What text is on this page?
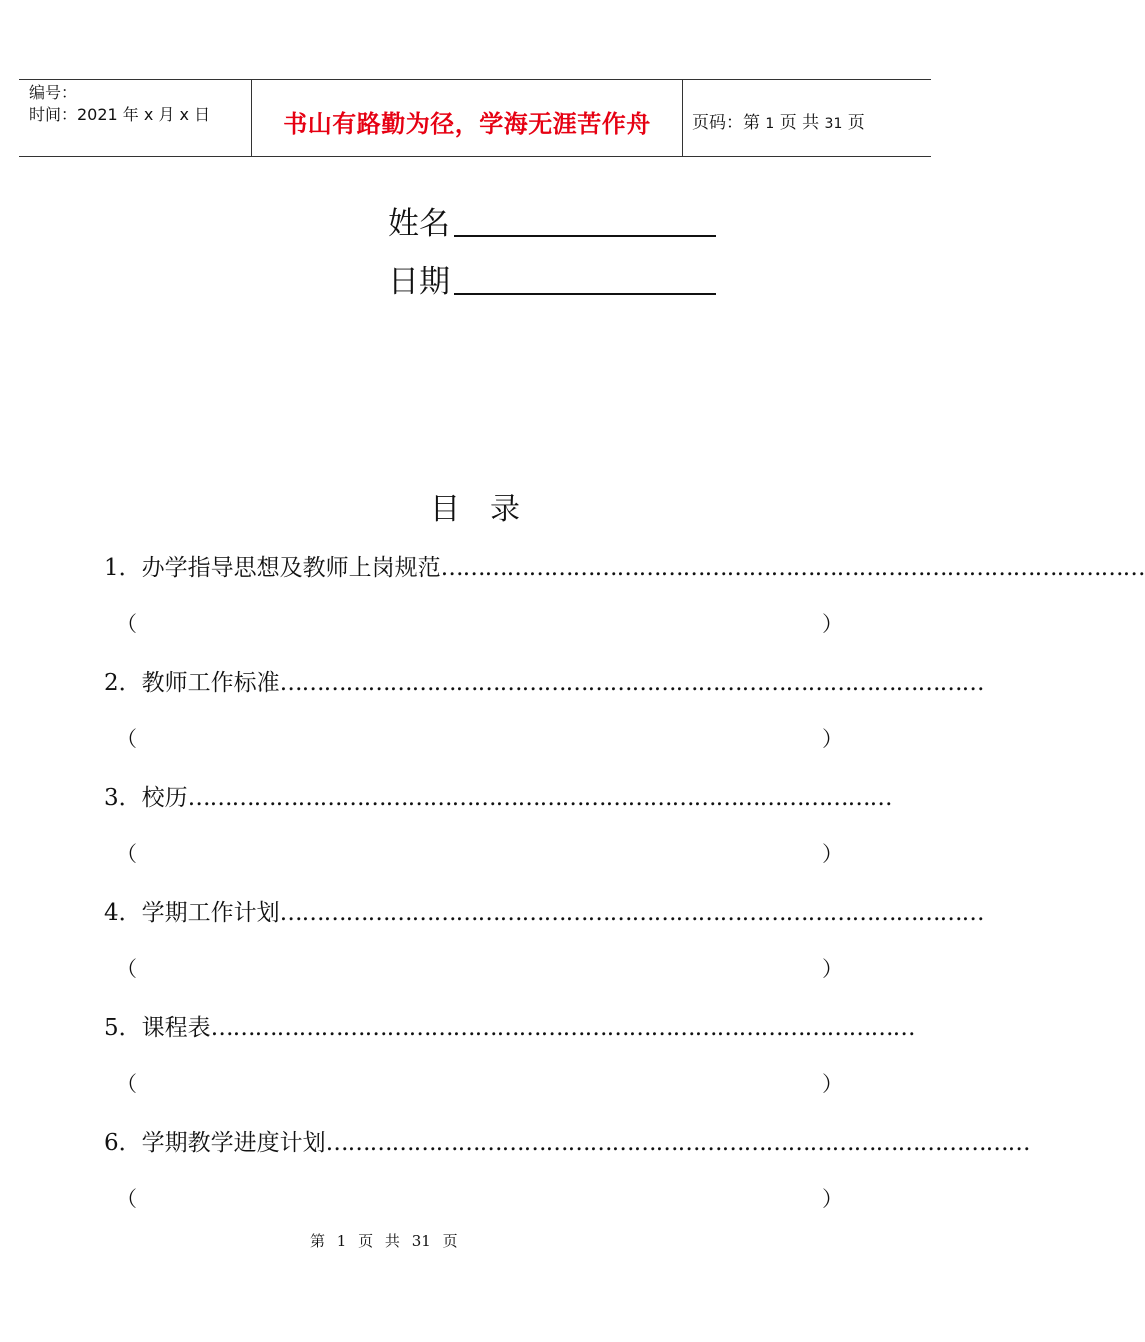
编号：
时间：2021 年 x 月 x 日	书山有路勤为径，学海无涯苦作舟	页码：第 1 页 共 31 页
姓名
日期
目录
1．办学指导思想及教师上岗规范 ……………………………………………………………………………………
（	）
2．教师工作标准 ……………………………………………………………………………………
（	）
3．校历 ……………………………………………………………………………………
（	）
4．学期工作计划 ……………………………………………………………………………………
（	）
5．课程表 ……………………………………………………………………………………
（	）
6．学期教学进度计划 ……………………………………………………………………………………
（	）
第 1 页 共 31 页
